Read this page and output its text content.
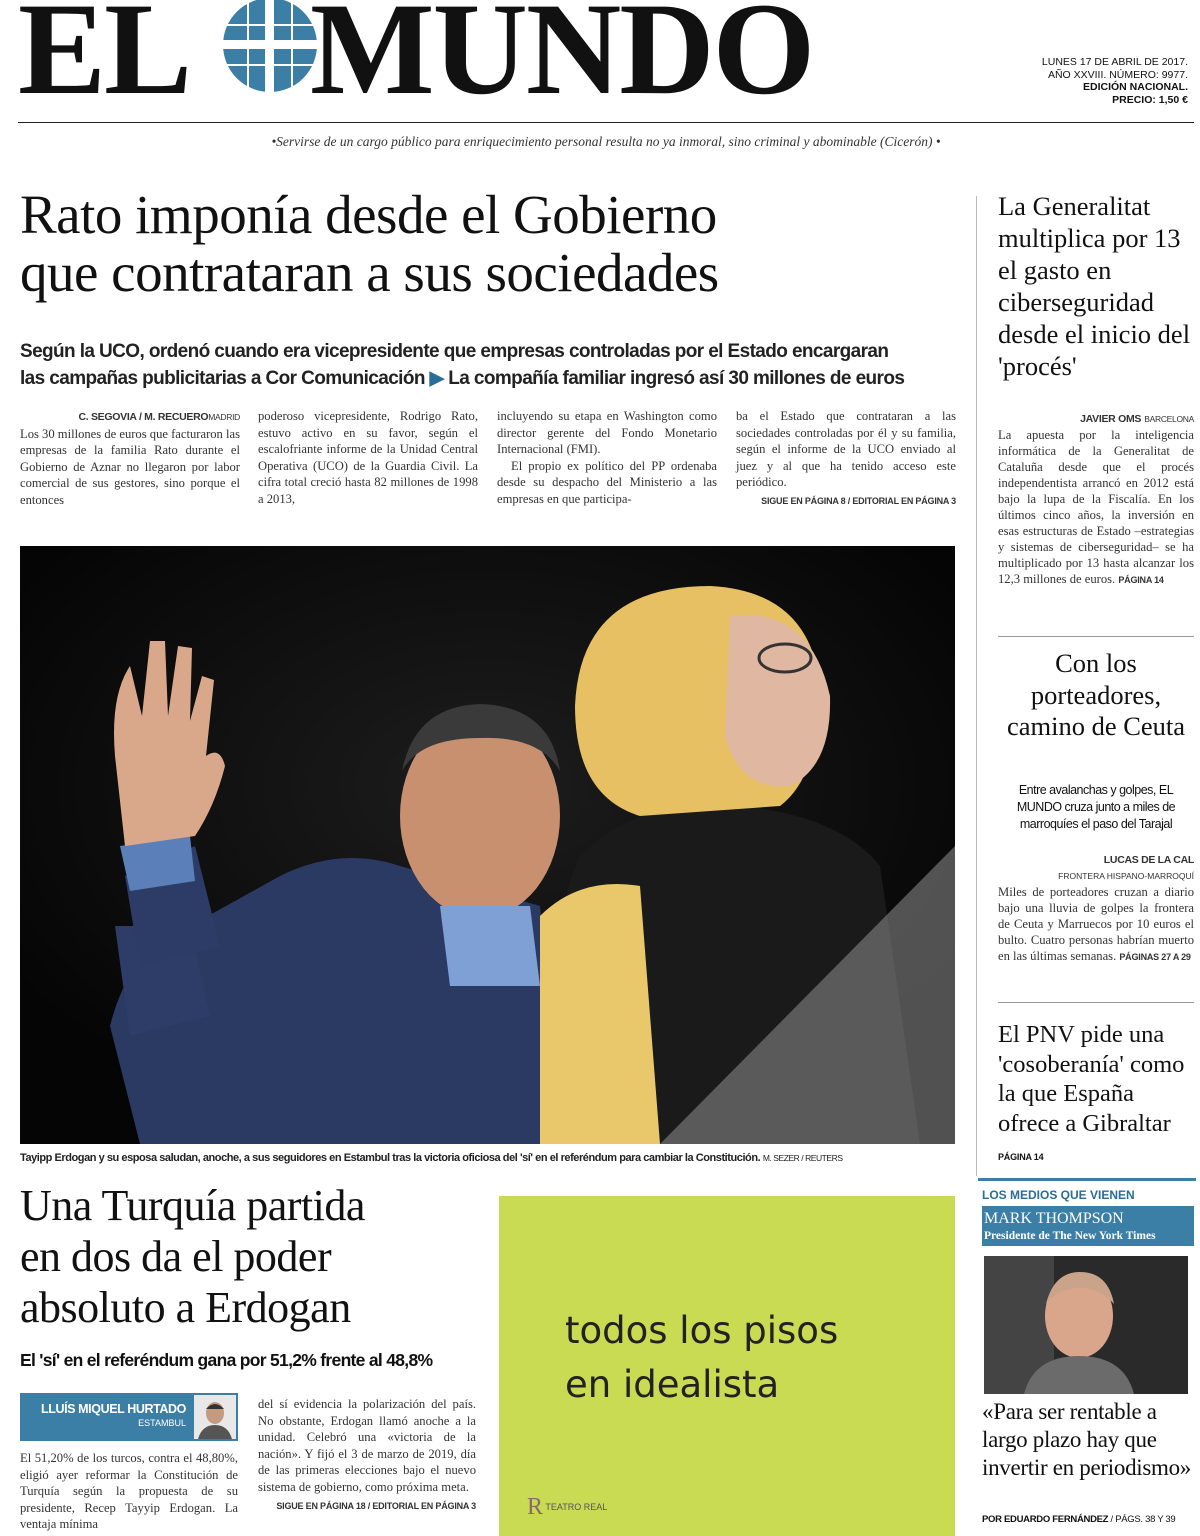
EL MUNDO	LUNES 17 DE ABRIL DE 2017.
AÑO XXVIII. NÚMERO: 9977.
EDICIÓN NACIONAL.
PRECIO: 1,50 €
•Servirse de un cargo público para enriquecimiento personal resulta no ya inmoral, sino criminal y abominable (Cicerón) •
Rato imponía desde el Gobierno
que contrataran a sus sociedades
Según la UCO, ordenó cuando era vicepresidente que empresas controladas por el Estado encargaran
las campañas publicitarias a Cor Comunicación ▶ La compañía familiar ingresó así 30 millones de euros
C. SEGOVIA / M. RECUEROMADRID
Los 30 millones de euros que facturaron las empresas de la familia Rato durante el Gobierno de Aznar no llegaron por labor comercial de sus gestores, sino porque el entonces
poderoso vicepresidente, Rodrigo Rato, estuvo activo en su favor, según el escalofriante informe de la Unidad Central Operativa (UCO) de la Guardia Civil. La cifra total creció hasta 82 millones de 1998 a 2013,
incluyendo su etapa en Washington como director gerente del Fondo Monetario Internacional (FMI).
El propio ex político del PP ordenaba desde su despacho del Ministerio a las empresas en que participa-
ba el Estado que contrataran a las sociedades controladas por él y su familia, según el informe de la UCO enviado al juez y al que ha tenido acceso este periódico.
SIGUE EN PÁGINA 8 / EDITORIAL EN PÁGINA 3
Tayipp Erdogan y su esposa saludan, anoche, a sus seguidores en Estambul tras la victoria oficiosa del 'sí' en el referéndum para cambiar la Constitución. M. SEZER / REUTERS
Una Turquía partida
en dos da el poder
absoluto a Erdogan
El 'sí' en el referéndum gana por 51,2% frente al 48,8%
LLUÍS MIQUEL HURTADO
ESTAMBUL
El 51,20% de los turcos, contra el 48,80%, eligió ayer reformar la Constitución de Turquía según la propuesta de su presidente, Recep Tayyip Erdogan. La ventaja mínima
del sí evidencia la polarización del país. No obstante, Erdogan llamó anoche a la unidad. Celebró una «victoria de la nación». Y fijó el 3 de marzo de 2019, día de las primeras elecciones bajo el nuevo sistema de gobierno, como próxima meta.
SIGUE EN PÁGINA 18 / EDITORIAL EN PÁGINA 3
todos los pisos
en idealista
R TEATRO REAL
La Generalitat multiplica por 13 el gasto en ciberseguridad desde el inicio del 'procés'
JAVIER OMS BARCELONA
La apuesta por la inteligencia informática de la Generalitat de Cataluña desde que el procés independentista arrancó en 2012 está bajo la lupa de la Fiscalía. En los últimos cinco años, la inversión en esas estructuras de Estado –estrategias y sistemas de ciberseguridad– se ha multiplicado por 13 hasta alcanzar los 12,3 millones de euros. PÁGINA 14
Con los porteadores, camino de Ceuta
Entre avalanchas y golpes, EL MUNDO cruza junto a miles de marroquíes el paso del Tarajal
LUCAS DE LA CAL
FRONTERA HISPANO-MARROQUÍ
Miles de porteadores cruzan a diario bajo una lluvia de golpes la frontera de Ceuta y Marruecos por 10 euros el bulto. Cuatro personas habrían muerto en las últimas semanas. PÁGINAS 27 A 29
El PNV pide una 'cosoberanía' como la que España ofrece a Gibraltar PÁGINA 14
LOS MEDIOS QUE VIENEN
MARK THOMPSON
Presidente de The New York Times
«Para ser rentable a largo plazo hay que invertir en periodismo»
POR EDUARDO FERNÁNDEZ / PÁGS. 38 Y 39
